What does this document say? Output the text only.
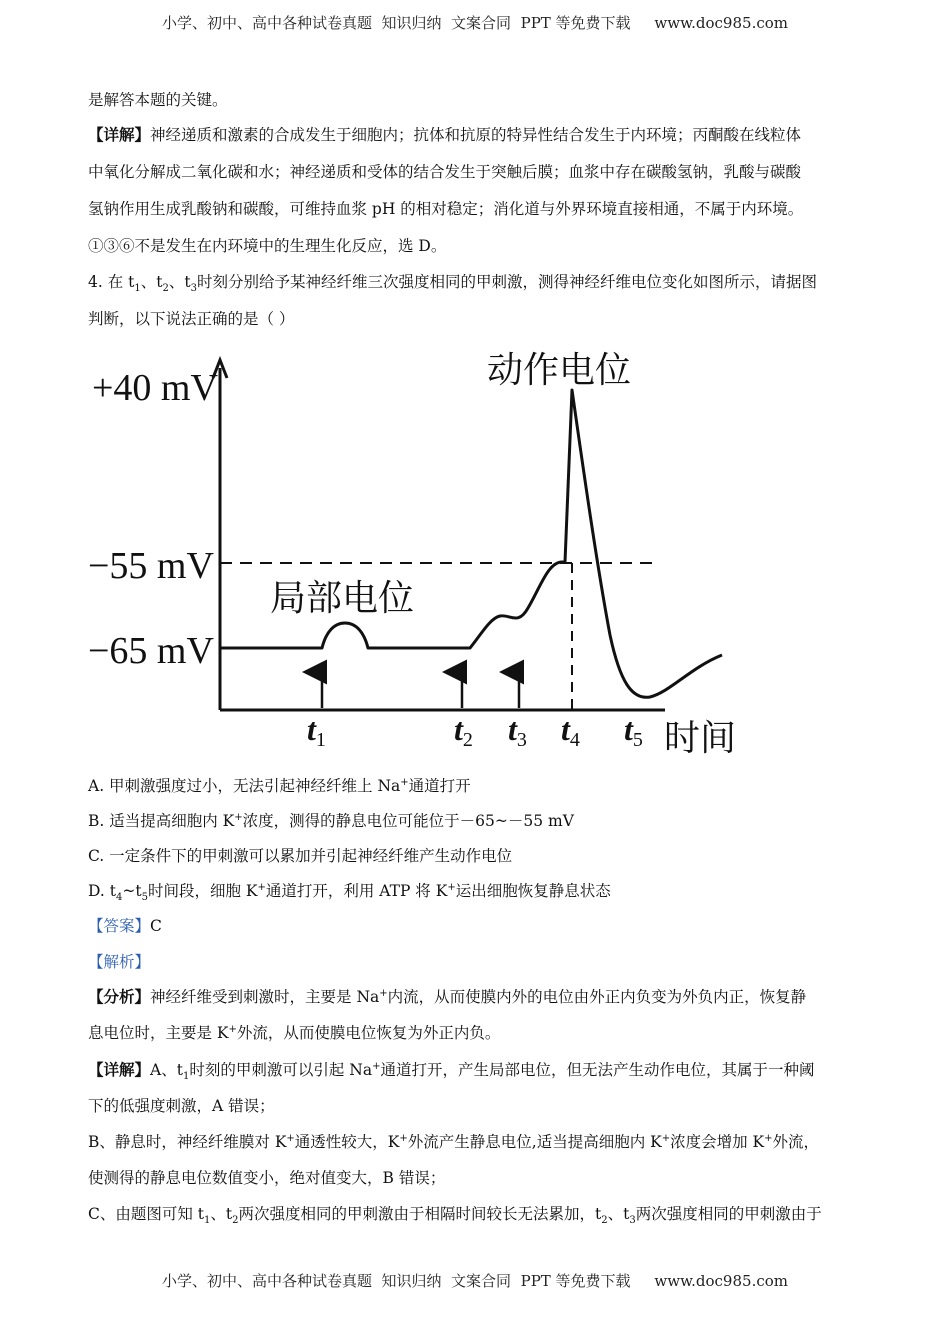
小学、初中、高中各种试卷真题  知识归纳  文案合同  PPT 等免费下载     www.doc985.com
是解答本题的关键。
【详解】神经递质和激素的合成发生于细胞内；抗体和抗原的特异性结合发生于内环境；丙酮酸在线粒体
中氧化分解成二氧化碳和水；神经递质和受体的结合发生于突触后膜；血浆中存在碳酸氢钠，乳酸与碳酸
氢钠作用生成乳酸钠和碳酸，可维持血浆 pH 的相对稳定；消化道与外界环境直接相通，不属于内环境。
①③⑥不是发生在内环境中的生理生化反应，选 D。
4. 在 $t_1$、$t_2$、$t_3$时刻分别给予某神经纤维三次强度相同的甲刺激，测得神经纤维电位变化如图所示，请据图
判断，以下说法正确的是（ ）
+40 mV
−55 mV
−65 mV
动作电位
局部电位
时间
t1	t2 t3 t4 t5
A. 甲刺激强度过小，无法引起神经纤维上 Na+通道打开
B. 适当提高细胞内 K+浓度，测得的静息电位可能位于－65~－55 mV
C. 一定条件下的甲刺激可以累加并引起神经纤维产生动作电位
D. $t_4\sim t_5$时间段，细胞 K+通道打开，利用 ATP 将 K+运出细胞恢复静息状态
【答案】C
【解析】
【分析】神经纤维受到刺激时，主要是 Na+内流，从而使膜内外的电位由外正内负变为外负内正，恢复静
息电位时，主要是 K+外流，从而使膜电位恢复为外正内负。
【详解】A、$t_1$时刻的甲刺激可以引起 Na+通道打开，产生局部电位，但无法产生动作电位，其属于一种阈
下的低强度刺激，A 错误；
B、静息时，神经纤维膜对 K+通透性较大，K+外流产生静息电位,适当提高细胞内 K+浓度会增加 K+外流，
使测得的静息电位数值变小，绝对值变大，B 错误；
C、由题图可知 $t_1$、$t_2$两次强度相同的甲刺激由于相隔时间较长无法累加，$t_2$、$t_3$两次强度相同的甲刺激由于
小学、初中、高中各种试卷真题  知识归纳  文案合同  PPT 等免费下载     www.doc985.com
